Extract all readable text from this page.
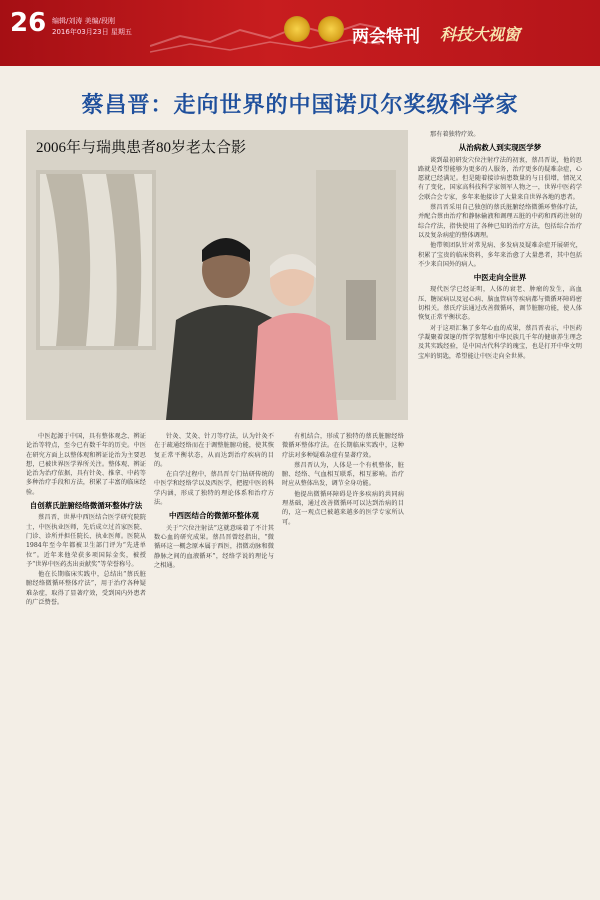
26 编辑/刘涛 美编/段刚
2016年03月23日 星期五	两会特刊 科技大视窗
蔡昌晋：走向世界的中国诺贝尔奖级科学家
2006年与瑞典患者80岁老太合影

中医起源于中国，具有整体观念、辨证论治等特点，至今已有数千年的历史。中医在研究方面上以整体观和辨证论治为主要思想，已被世界医学界所关注。整体观、辨证论治为治疗依据，具有针灸、推拿、中药等多种治疗手段和方法，积累了丰富的临床经验。

自创蔡氏脏腑经络微循环整体疗法

蔡昌晋，世界中西医结合医学研究院院士，中医执业医师，先后成立过首家医院、门诊、诊所并担任院长、执业医师。医院从1984年至今年都被卫生部门评为“先进单位”。近年来他荣获多项国际金奖，被授予“世界中医药杰出贡献奖”等荣誉称号。

他在长期临床实践中，总结出“蔡氏脏腑经络微循环整体疗法”，用于治疗各种疑难杂症，取得了显著疗效，受到国内外患者的广泛赞誉。

针灸、艾灸、针刀等疗法，认为针灸不在于疏通经络而在于调整脏腑功能，使其恢复正常平衡状态，从而达到治疗疾病的目的。

在自学过程中，蔡昌晋专门钻研传统的中医学和经络学以及西医学，把握中医的科学内涵，形成了独特的理论体系和治疗方法。

中西医结合的微循环整体观

关于“穴位注射法”这就意味着了不计其数心血的研究成果。蔡昌晋曾经指出，“微循环这一概念原本属于西医，指微动脉和微静脉之间的血液循环”，经络学说的理论与之相通。

有机结合，形成了独特的蔡氏脏腑经络微循环整体疗法。在长期临床实践中，这种疗法对多种疑难杂症有显著疗效。

蔡昌晋认为，人体是一个有机整体，脏腑、经络、气血相互联系，相互影响。治疗时应从整体出发，调节全身功能。

他提出微循环障碍是许多疾病的共同病理基础，通过改善微循环可以达到治病的目的，这一观点已被越来越多的医学专家所认可。

那有着独特疗效。

从治病救人到实现医学梦

谈到最初研发穴位注射疗法的初衷，蔡昌晋说，他的思路就是希望能够为更多的人服务，治疗更多的疑难杂症，心愿就已经满足。但是随着接诊病患数量的与日俱增，情况又有了变化，国家高科技科学家领军人物之一，世界中医药学会联合会专家，多年来他接诊了大量来自世界各地的患者。

蔡昌晋采用自己独创的蔡氏脏腑经络微循环整体疗法，并配合蔡由治疗和静脉输液和调理五脏的中药和西药注射的综合疗法，指快使用了各种已知的治疗方法，包括综合治疗以及复杂病症的整体调理。

他带领团队针对常见病、多发病及疑难杂症开展研究，积累了宝贵的临床资料，多年来治愈了大量患者，其中包括不少来自国外的病人。

中医走向全世界

现代医学已经证明，人体的衰老、肿瘤的发生，高血压、糖尿病以及冠心病、脑血管病等疾病都与微循环障碍密切相关。蔡氏疗法通过改善微循环，调节脏腑功能，使人体恢复正常平衡状态。

对于这项汇集了多年心血的成果，蔡昌晋表示，中医药学凝聚着深邃的哲学智慧和中华民族几千年的健康养生理念及其实践经验，是中国古代科学的瑰宝，也是打开中华文明宝库的钥匙，希望能让中医走向全世界。
